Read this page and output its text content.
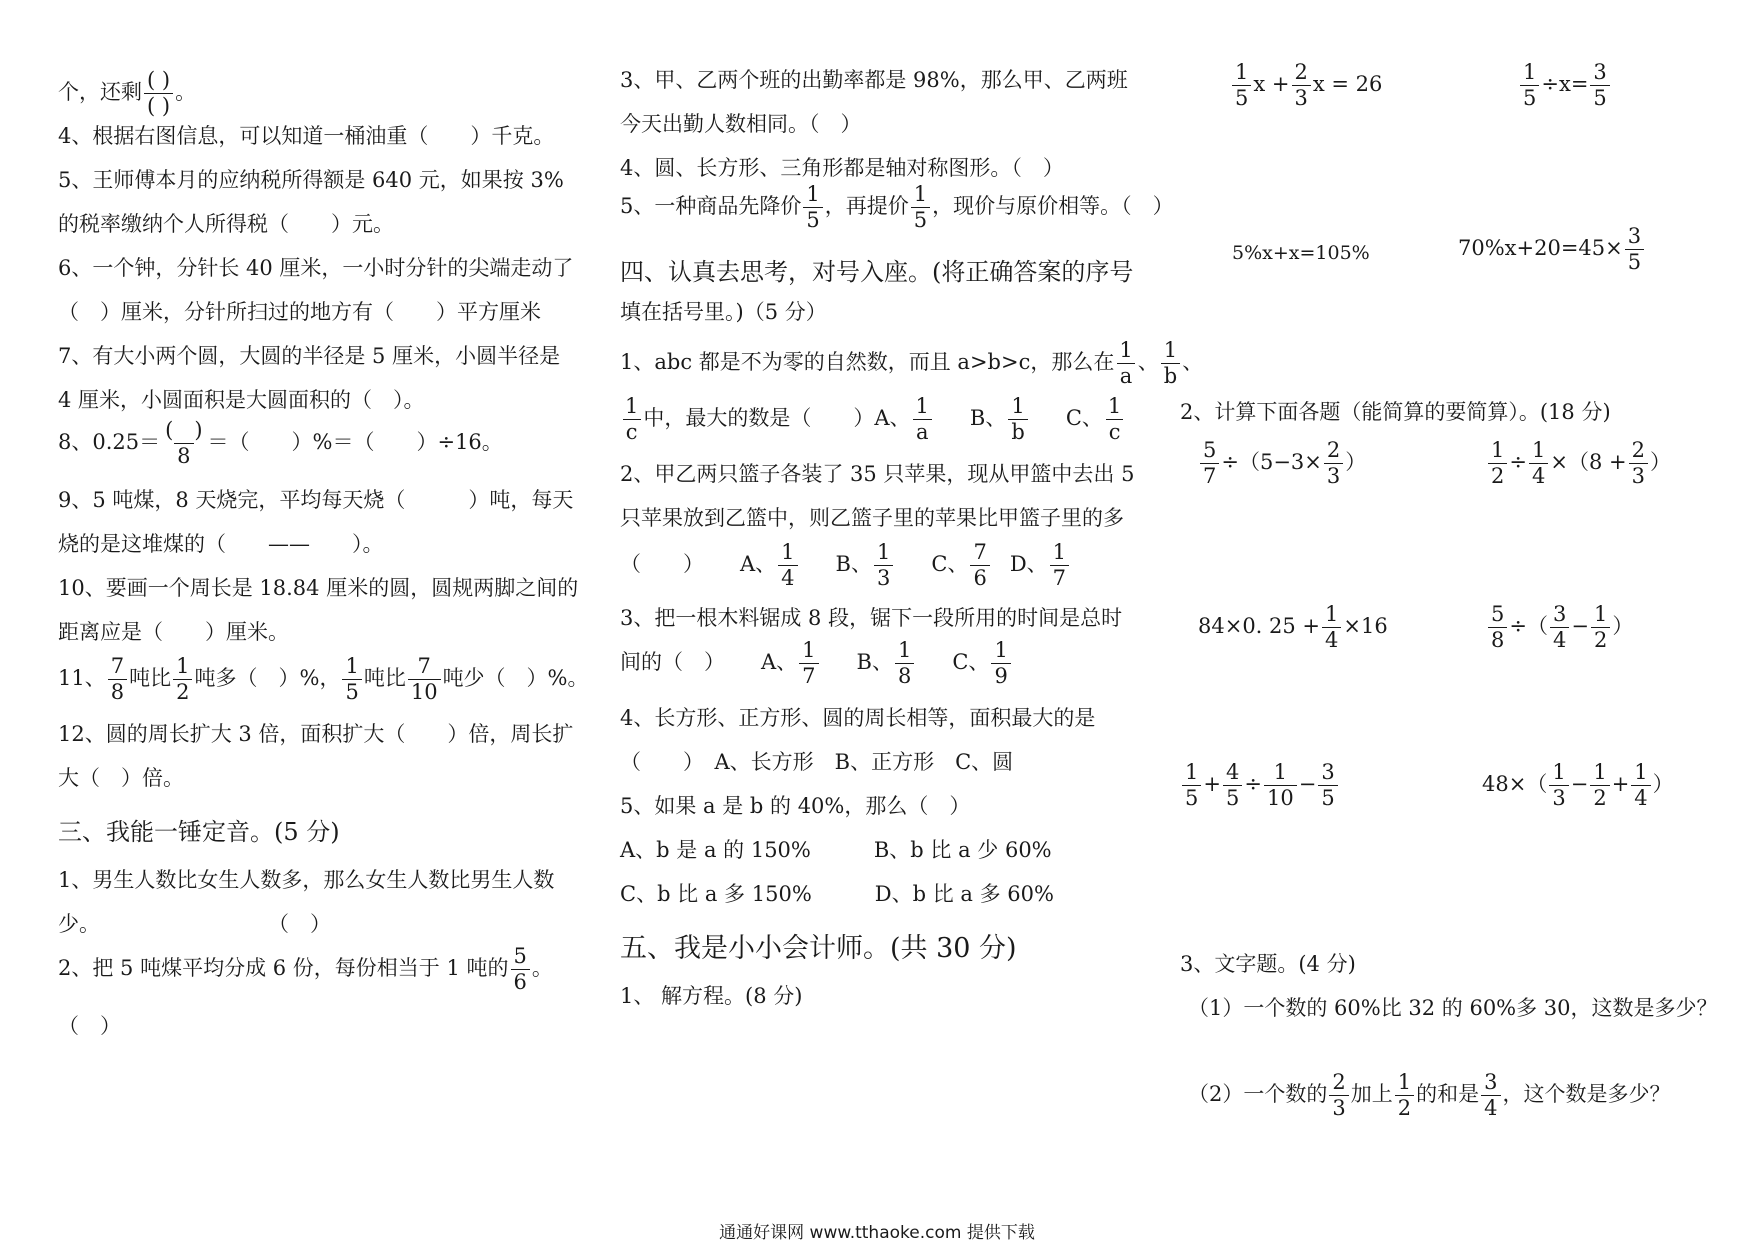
个，还剩 ( )
( )
。
4、根据右图信息，可以知道一桶油重（　　）千克。
5、王师傅本月的应纳税所得额是 640 元，如果按 3%
的税率缴纳个人所得税（　　）元。
6、一个钟，分针长 40 厘米，一小时分针的尖端走动了
（　）厘米，分针所扫过的地方有（　　）平方厘米
7、有大小两个圆，大圆的半径是 5 厘米，小圆半径是
4 厘米，小圆面积是大圆面积的（　）。
8、0.25＝ (　)
8
＝（　　）%＝（　　）÷16。
9、5 吨煤，8 天烧完，平均每天烧（　　　）吨，每天
烧的是这堆煤的（　　——　　）。
10、要画一个周长是 18.84 厘米的圆，圆规两脚之间的
距离应是（　　）厘米。
11、 $\frac{7}{8}$ 吨比 $\frac{1}{2}$ 吨多（　）%， $\frac{1}{5}$ 吨比 $\frac{7}{10}$ 吨少（　）%。
12、圆的周长扩大 3 倍，面积扩大（　　）倍，周长扩
大（　）倍。
三、我能一锤定音。(5 分)
1、男生人数比女生人数多，那么女生人数比男生人数
少。　　　　　　　　　（　）
2、把 5 吨煤平均分成 6 份，每份相当于 1 吨的 $\frac{5}{6}$ 。
（　）
3、甲、乙两个班的出勤率都是 98%，那么甲、乙两班
今天出勤人数相同。（　）
4、圆、长方形、三角形都是轴对称图形。（　）
5、一种商品先降价 $\frac{1}{5}$ ，再提价 $\frac{1}{5}$ ，现价与原价相等。（　）
四、认真去思考，对号入座。(将正确答案的序号
填在括号里。)（5 分）
1、abc 都是不为零的自然数，而且 a>b>c，那么在 $\frac{1}{a}$ 、 $\frac{1}{b}$ 、
$\frac{1}{c}$ 中，最大的数是（　　）A、 $\frac{1}{a}$ B、 $\frac{1}{b}$ C、 $\frac{1}{c}$
2、甲乙两只篮子各装了 35 只苹果，现从甲篮中去出 5
只苹果放到乙篮中，则乙篮子里的苹果比甲篮子里的多
（　　） A、 $\frac{1}{4}$ B、 $\frac{1}{3}$ C、 $\frac{7}{6}$ D、 $\frac{1}{7}$
3、把一根木料锯成 8 段，锯下一段所用的时间是总时
间的（　） A、 $\frac{1}{7}$ B、 $\frac{1}{8}$ C、 $\frac{1}{9}$
4、长方形、正方形、圆的周长相等，面积最大的是
（　　）　A、长方形　B、正方形　C、圆
5、如果 a 是 b 的 40%，那么（　）
A、b 是 a 的 150%　　　B、b 比 a 少 60%
C、b 比 a 多 150%　　　D、b 比 a 多 60%
五、我是小小会计师。(共 30 分)
1、 解方程。(8 分)
$\frac{1}{5}$ $x + \frac{2}{3}$ x = 26	$\frac{1}{5} \div x= \frac{3}{5}$
5%x+x=105%	$70\%x+20=45\times \frac{3}{5}$
2、计算下面各题（能简算的要简算）。(18 分)
$\frac{5}{7} \div(5-3\times \frac{2}{3}$ ）	$\frac{1}{2} \div \frac{1}{4} \times(8 + \frac{2}{3}$ ）
84×0. $25 + \frac{1}{4} \times 16$	$\frac{5}{8}$ ÷（ $\frac{3}{4} - \frac{1}{2}$ ）
$\frac{1}{5} + \frac{4}{5} \div \frac{1}{10} - \frac{3}{5}$	$48\times( \frac{1}{3} - \frac{1}{2} + \frac{1}{4}$ ）
3、文字题。(4 分)
（1）一个数的 60%比 32 的 60%多 30，这数是多少？
（2）一个数的 $\frac{2}{3}$ 加上 $\frac{1}{2}$ 的和是 $\frac{3}{4}$ ，这个数是多少？
通通好课网 www.tthaoke.com 提供下载
